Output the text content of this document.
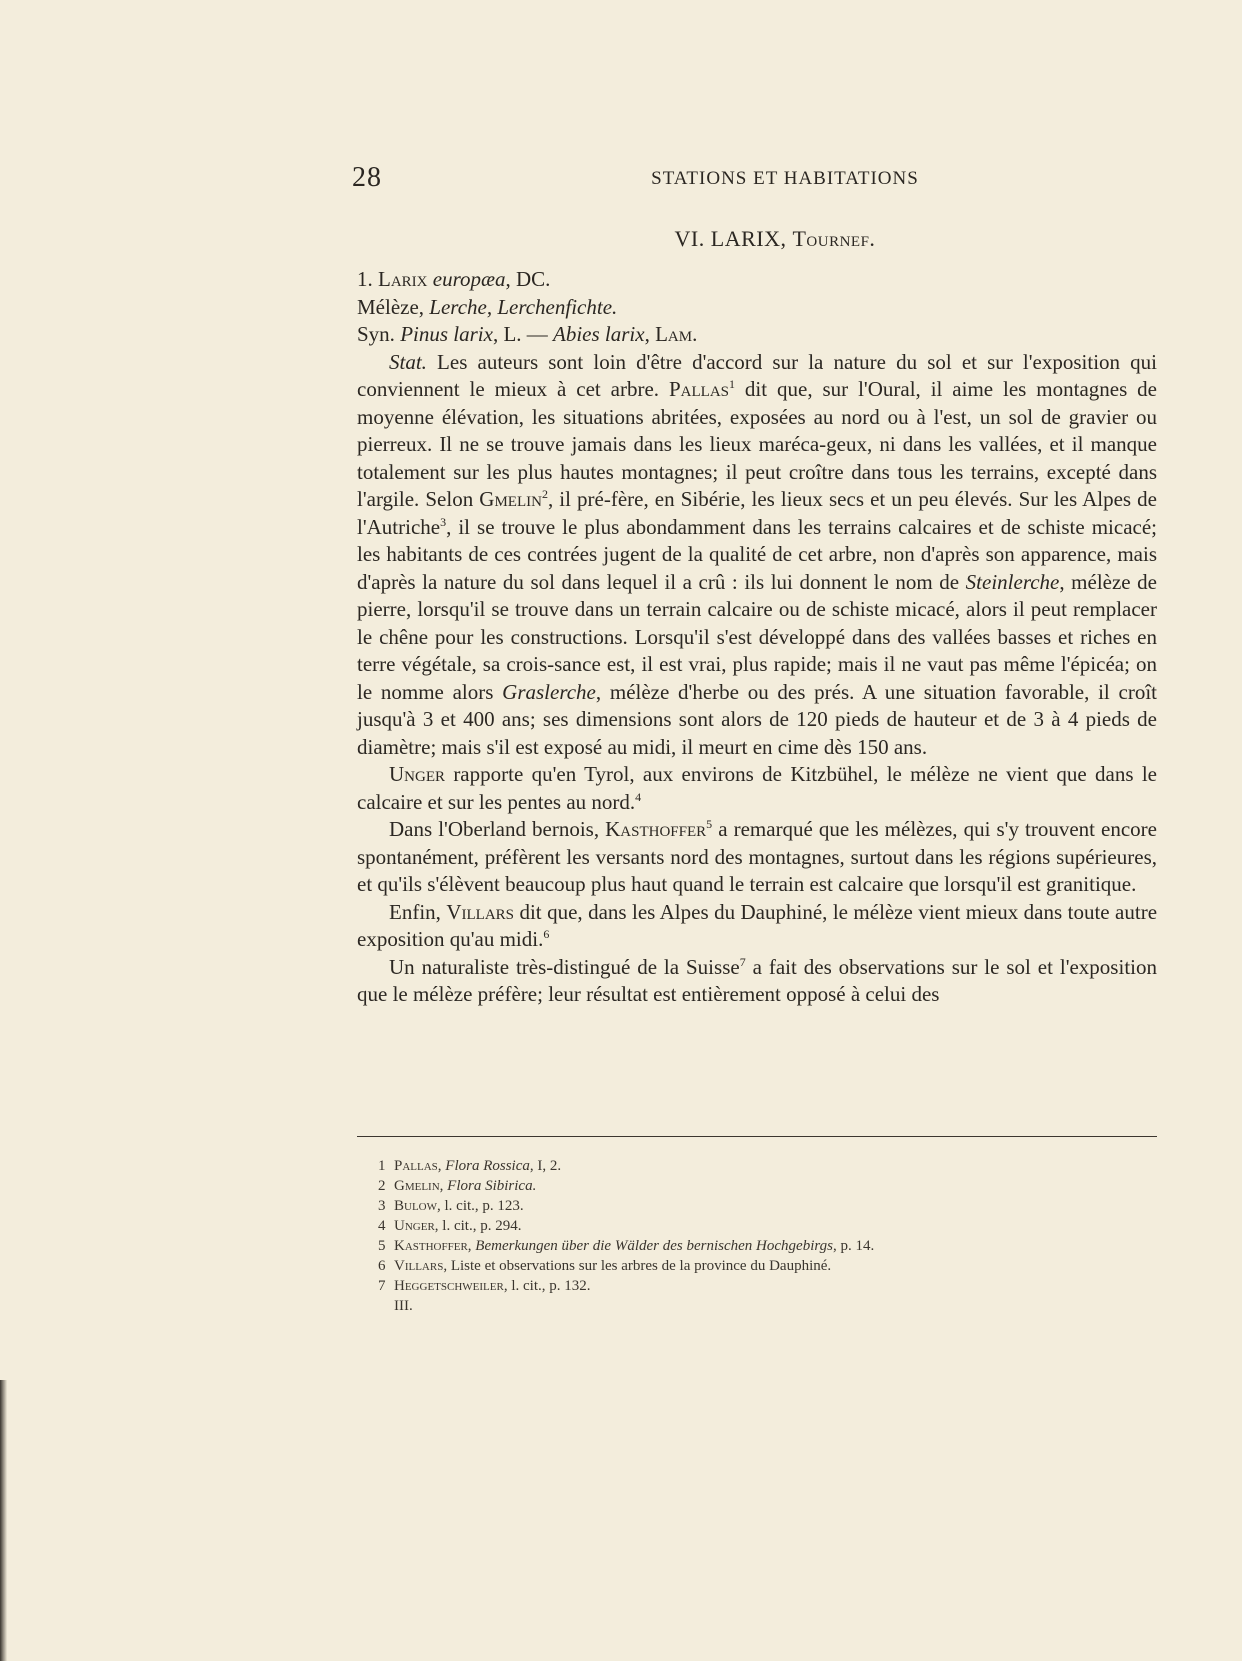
28	STATIONS ET HABITATIONS
VI. LARIX, Tournef.

1. Larix europæa, DC.

Mélèze, Lerche, Lerchenfichte.

Syn. Pinus larix, L. — Abies larix, Lam.

Stat. Les auteurs sont loin d'être d'accord sur la nature du sol et sur l'exposition qui conviennent le mieux à cet arbre. Pallas$^1$ dit que, sur l'Oural, il aime les montagnes de moyenne élévation, les situations abritées, exposées au nord ou à l'est, un sol de gravier ou pierreux. Il ne se trouve jamais dans les lieux maréca-geux, ni dans les vallées, et il manque totalement sur les plus hautes montagnes; il peut croître dans tous les terrains, excepté dans l'argile. Selon Gmelin$^2$, il pré-fère, en Sibérie, les lieux secs et un peu élevés. Sur les Alpes de l'Autriche$^3$, il se trouve le plus abondamment dans les terrains calcaires et de schiste micacé; les habitants de ces contrées jugent de la qualité de cet arbre, non d'après son apparence, mais d'après la nature du sol dans lequel il a crû : ils lui donnent le nom de Steinlerche, mélèze de pierre, lorsqu'il se trouve dans un terrain calcaire ou de schiste micacé, alors il peut remplacer le chêne pour les constructions. Lorsqu'il s'est développé dans des vallées basses et riches en terre végétale, sa crois-sance est, il est vrai, plus rapide; mais il ne vaut pas même l'épicéa; on le nomme alors Graslerche, mélèze d'herbe ou des prés. A une situation favorable, il croît jusqu'à 3 et 400 ans; ses dimensions sont alors de 120 pieds de hauteur et de 3 à 4 pieds de diamètre; mais s'il est exposé au midi, il meurt en cime dès 150 ans.

Unger rapporte qu'en Tyrol, aux environs de Kitzbühel, le mélèze ne vient que dans le calcaire et sur les pentes au nord.$^4$

Dans l'Oberland bernois, Kasthoffer$^5$ a remarqué que les mélèzes, qui s'y trouvent encore spontanément, préfèrent les versants nord des montagnes, surtout dans les régions supérieures, et qu'ils s'élèvent beaucoup plus haut quand le terrain est calcaire que lorsqu'il est granitique.

Enfin, Villars dit que, dans les Alpes du Dauphiné, le mélèze vient mieux dans toute autre exposition qu'au midi.$^6$

Un naturaliste très-distingué de la Suisse$^7$ a fait des observations sur le sol et l'exposition que le mélèze préfère; leur résultat est entièrement opposé à celui des

1 Pallas, Flora Rossica, I, 2.
2 Gmelin, Flora Sibirica.
3 Bulow, l. cit., p. 123.
4 Unger, l. cit., p. 294.
5 Kasthoffer, Bemerkungen über die Wälder des bernischen Hochgebirgs, p. 14.
6 Villars, Liste et observations sur les arbres de la province du Dauphiné.
7 Heggetschweiler, l. cit., p. 132.
III.
